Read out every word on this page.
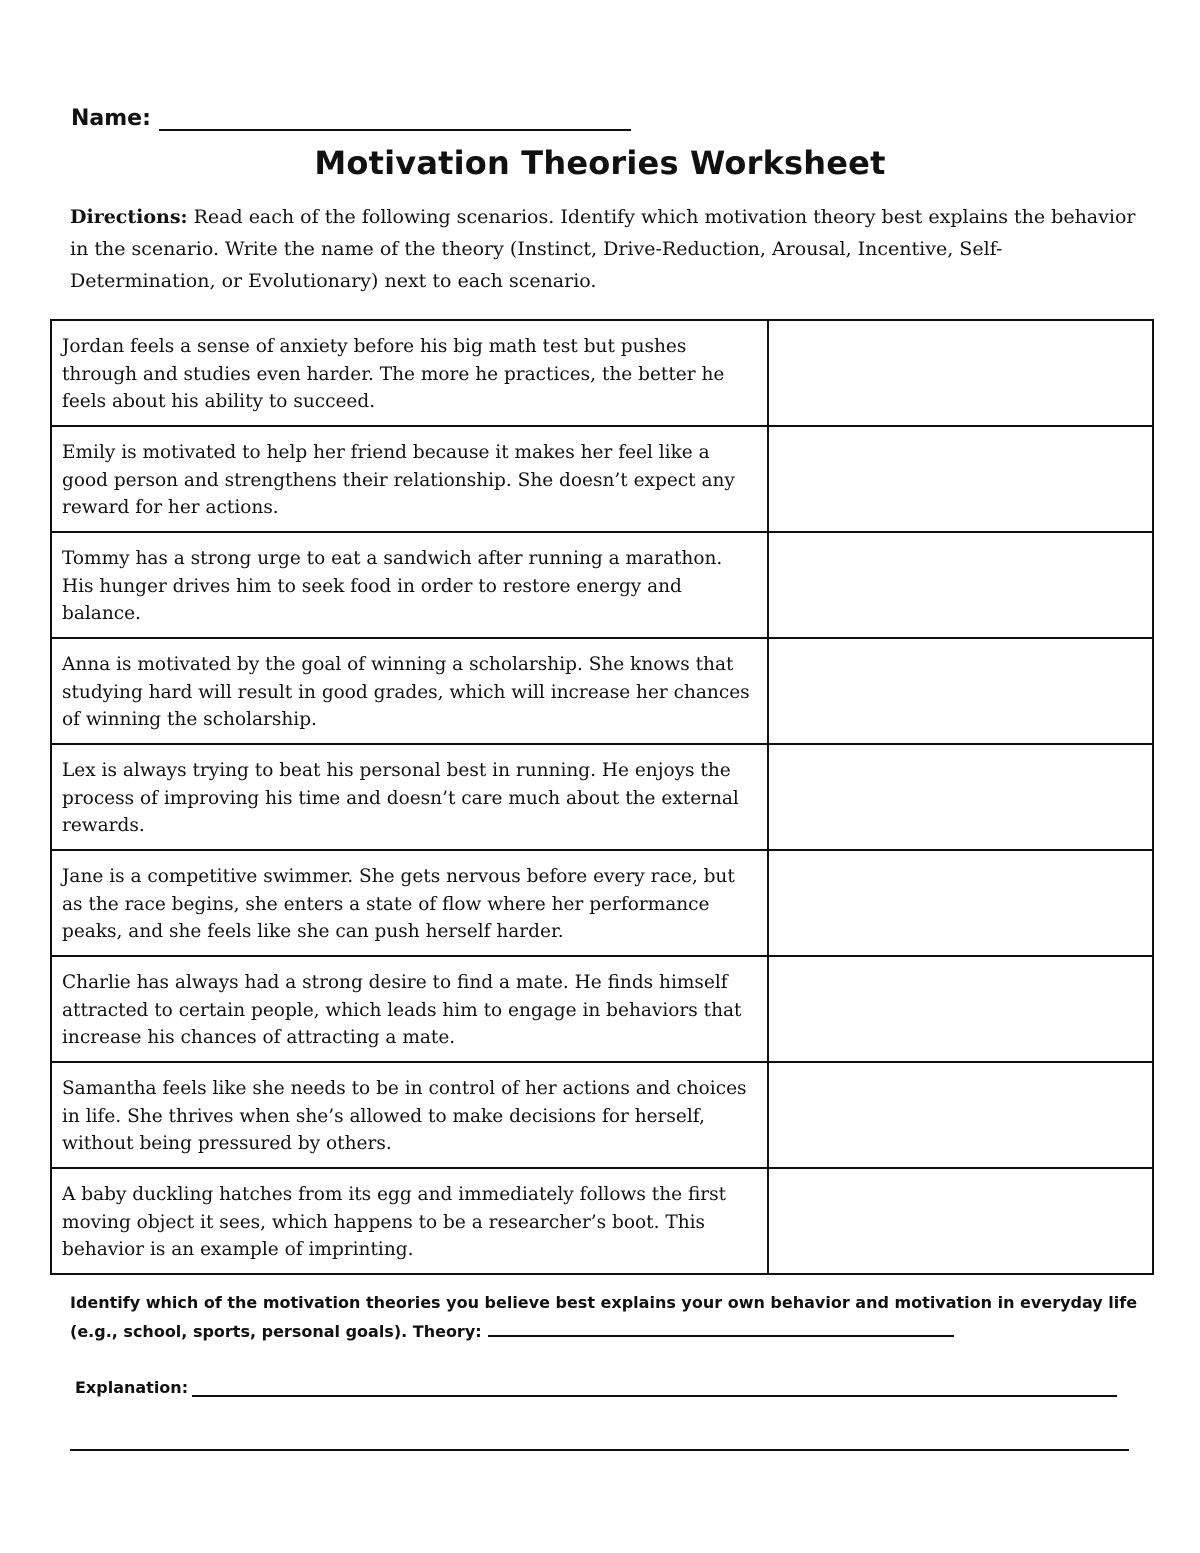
Name:
Motivation Theories Worksheet
Directions: Read each of the following scenarios. Identify which motivation theory best explains the behavior in the scenario. Write the name of the theory (Instinct, Drive-Reduction, Arousal, Incentive, Self-Determination, or Evolutionary) next to each scenario.
Jordan feels a sense of anxiety before his big math test but pushes through and studies even harder. The more he practices, the better he feels about his ability to succeed.	
Emily is motivated to help her friend because it makes her feel like a good person and strengthens their relationship. She doesn’t expect any reward for her actions.	
Tommy has a strong urge to eat a sandwich after running a marathon. His hunger drives him to seek food in order to restore energy and balance.	
Anna is motivated by the goal of winning a scholarship. She knows that studying hard will result in good grades, which will increase her chances of winning the scholarship.	
Lex is always trying to beat his personal best in running. He enjoys the process of improving his time and doesn’t care much about the external rewards.	
Jane is a competitive swimmer. She gets nervous before every race, but as the race begins, she enters a state of flow where her performance peaks, and she feels like she can push herself harder.	
Charlie has always had a strong desire to find a mate. He finds himself attracted to certain people, which leads him to engage in behaviors that increase his chances of attracting a mate.	
Samantha feels like she needs to be in control of her actions and choices in life. She thrives when she’s allowed to make decisions for herself, without being pressured by others.	
A baby duckling hatches from its egg and immediately follows the first moving object it sees, which happens to be a researcher’s boot. This behavior is an example of imprinting.	
Identify which of the motivation theories you believe best explains your own behavior and motivation in everyday life (e.g., school, sports, personal goals). Theory:
Explanation:
